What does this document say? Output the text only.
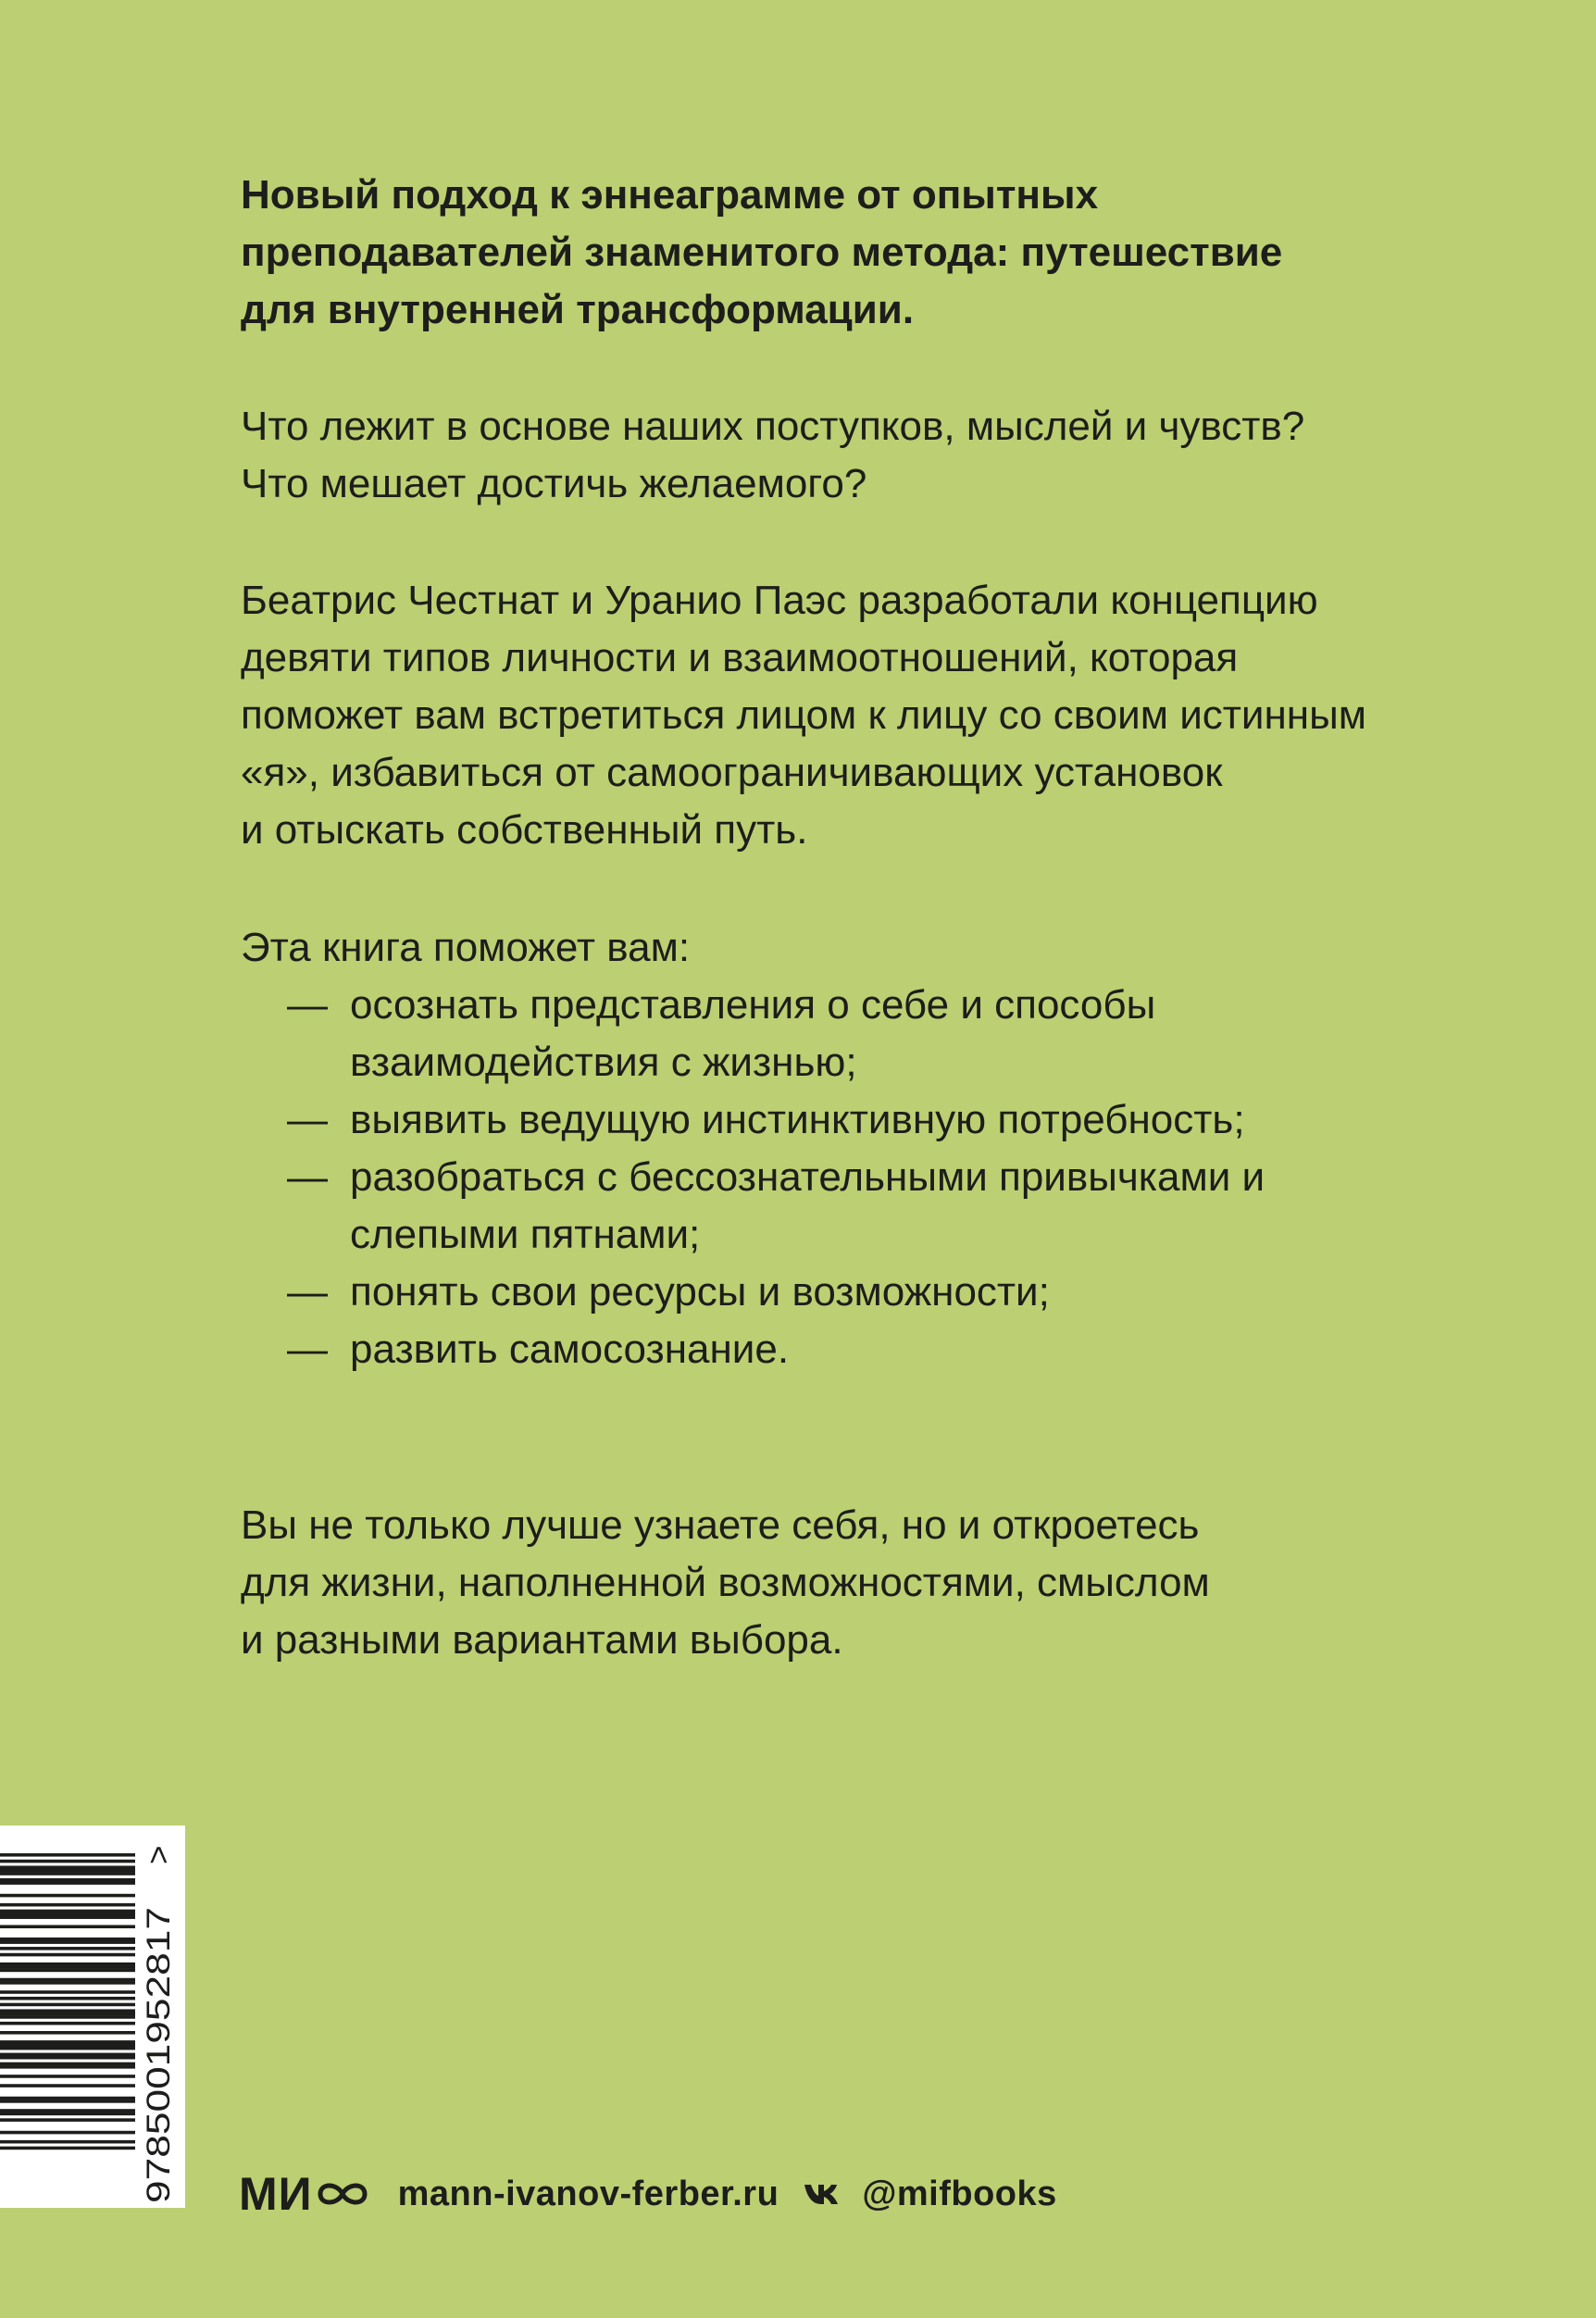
Новый подход к эннеаграмме от опытных

преподавателей знаменитого метода: путешествие

для внутренней трансформации.

Что лежит в основе наших поступков, мыслей и чувств?

Что мешает достичь желаемого?

Беатрис Честнат и Уранио Паэс разработали концепцию

девяти типов личности и взаимоотношений, которая

поможет вам встретиться лицом к лицу со своим истинным

«я», избавиться от самоограничивающих установок

и отыскать собственный путь.

Эта книга поможет вам:

— осознать представления о себе и способы взаимодействия с жизнью;
— выявить ведущую инстинктивную потребность;
— разобраться с бессознательными привычками и слепыми пятнами;
— понять свои ресурсы и возможности;
— развить самосознание.

Вы не только лучше узнаете себя, но и откроетесь

для жизни, наполненной возможностями, смыслом

и разными вариантами выбора.

9785001952817
>
МИ mann-ivanov-ferber.ru @mifbooks
